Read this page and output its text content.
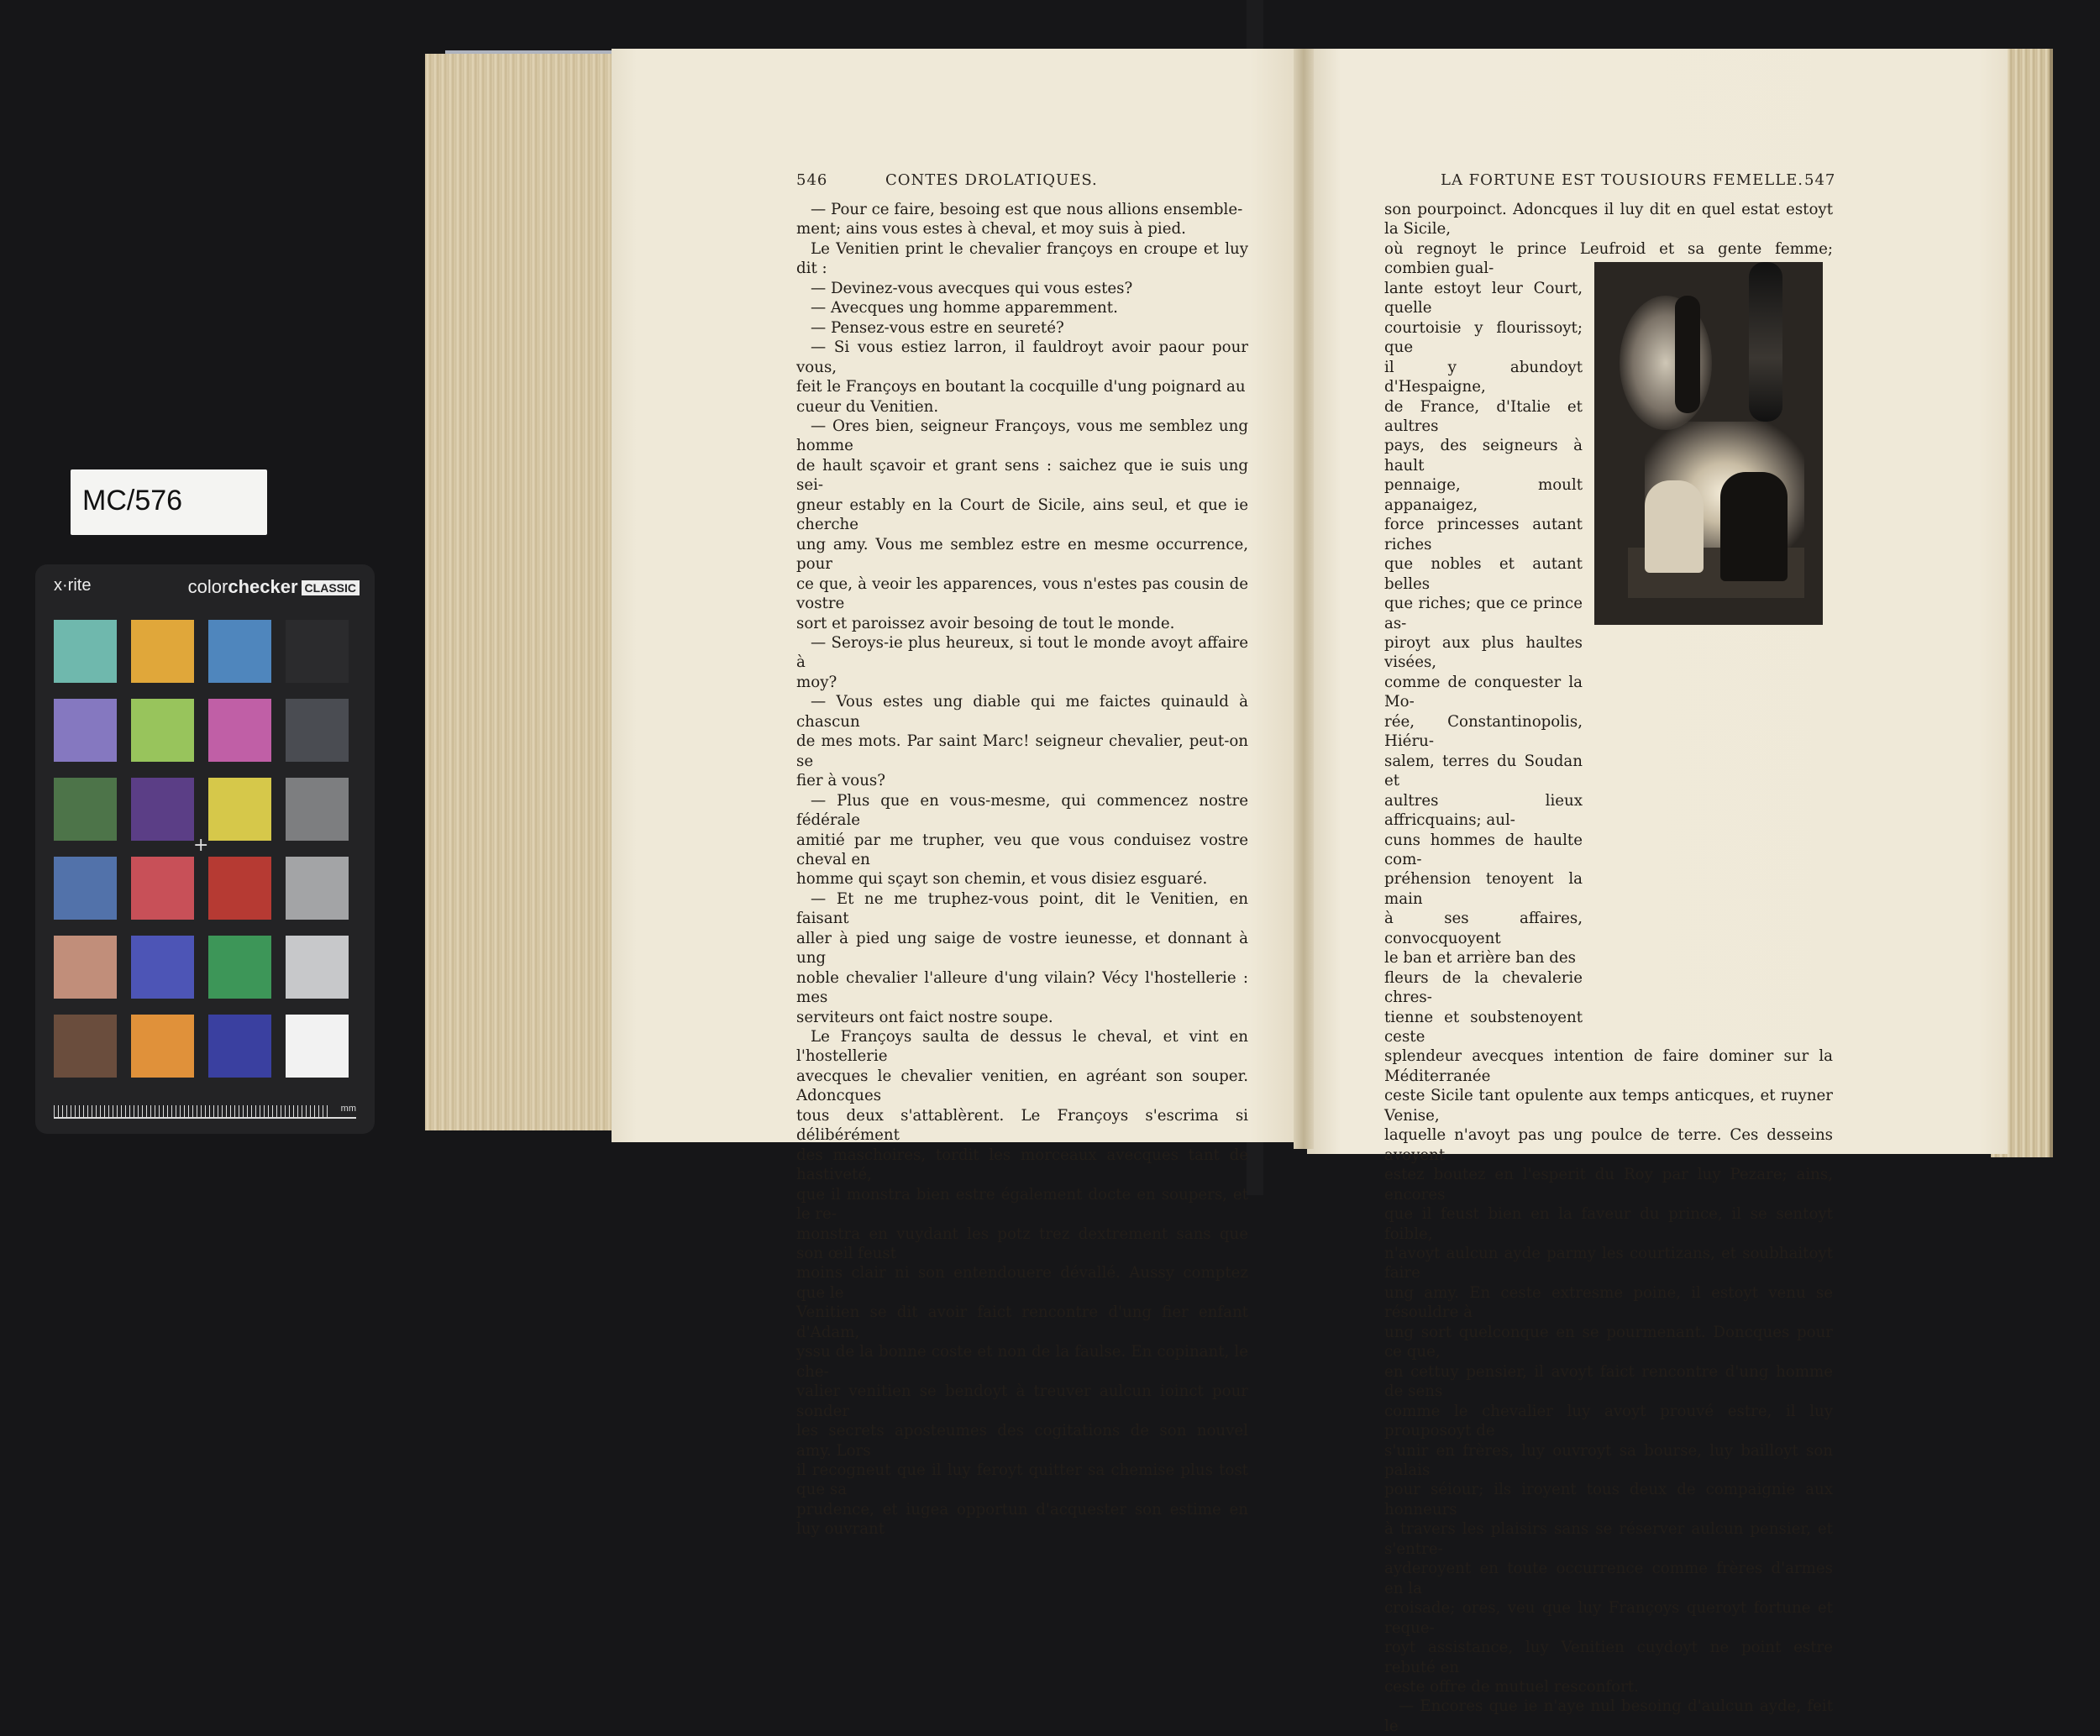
MC/576
x·rite	colorchecker CLASSIC
+
mm
546	CONTES DROLATIQUES.	LA FORTUNE EST TOUSIOURS FEMELLE. 547

— Pour ce faire, besoing est que nous allions ensemble-

ment; ains vous estes à cheval, et moy suis à pied.

Le Venitien print le chevalier françoys en croupe et luy dit :

— Devinez-vous avecques qui vous estes?

— Avecques ung homme apparemment.

— Pensez-vous estre en seureté?

— Si vous estiez larron, il fauldroyt avoir paour pour vous,

feit le Françoys en boutant la cocquille d'ung poignard au

cueur du Venitien.

— Ores bien, seigneur Françoys, vous me semblez ung homme

de hault sçavoir et grant sens : saichez que ie suis ung sei-

gneur estably en la Court de Sicile, ains seul, et que ie cherche

ung amy. Vous me semblez estre en mesme occurrence, pour

ce que, à veoir les apparences, vous n'estes pas cousin de vostre

sort et paroissez avoir besoing de tout le monde.

— Seroys-ie plus heureux, si tout le monde avoyt affaire à

moy?

— Vous estes ung diable qui me faictes quinauld à chascun

de mes mots. Par saint Marc! seigneur chevalier, peut-on se

fier à vous?

— Plus que en vous-mesme, qui commencez nostre fédérale

amitié par me trupher, veu que vous conduisez vostre cheval en

homme qui sçayt son chemin, et vous disiez esguaré.

— Et ne me truphez-vous point, dit le Venitien, en faisant

aller à pied ung saige de vostre ieunesse, et donnant à ung

noble chevalier l'alleure d'ung vilain? Vécy l'hostellerie : mes

serviteurs ont faict nostre soupe.

Le Françoys saulta de dessus le cheval, et vint en l'hostellerie

avecques le chevalier venitien, en agréant son souper. Adoncques

tous deux s'attablèrent. Le Françoys s'escrima si délibérément

des maschoires, tordit les morceaux avecques tant de hastiveté,

que il monstra bien estre également docte en soupers, et le re-

monstra en vuydant les potz trez dextrement sans que son œil feust

moins clair ni son entendouere dévallé. Aussy comptez que le

Venitien se dit avoir faict rencontre d'ung fier enfant d'Adam,

yssu de la bonne coste et non de la faulse. En copinant, le che-

valier venitien se bendoyt à treuver aulcun ioinct pour sonder

les secrets aposteumes des cogitations de son nouvel amy. Lors

il recogneut que il luy feroyt quitter sa chemise plus tost que sa

prudence, et iugea opportun d'acquester son estime en luy ouvrant

son pourpoinct. Adoncques il luy dit en quel estat estoyt la Sicile,

où regnoyt le prince Leufroid et sa gente femme; combien gual-

lante estoyt leur Court, quelle

courtoisie y flourissoyt; que

il y abundoyt d'Hespaigne,

de France, d'Italie et aultres

pays, des seigneurs à hault

pennaige, moult appanaigez,

force princesses autant riches

que nobles et autant belles

que riches; que ce prince as-

piroyt aux plus haultes visées,

comme de conquester la Mo-

rée, Constantinopolis, Hiéru-

salem, terres du Soudan et

aultres lieux affricquains; aul-

cuns hommes de haulte com-

préhension tenoyent la main

à ses affaires, convocquoyent

le ban et arrière ban des

fleurs de la chevalerie chres-

tienne et soubstenoyent ceste

splendeur avecques intention de faire dominer sur la Méditerranée

ceste Sicile tant opulente aux temps anticques, et ruyner Venise,

laquelle n'avoyt pas ung poulce de terre. Ces desseins avoyent

estez boutez en l'esperit du Roy par luy Pezare; ains, encores

que il feust bien en la faveur du prince, il se sentoyt foible,

n'avoyt aulcun ayde parmy les courtizans, et soubhaitoyt faire

ung amy. En ceste extresme poine, il estoyt venu se résouldre à

ung sort quelconque en se pourmenant. Doncques pour ce que,

en cettuy pensier, il avoyt faict rencontre d'ung homme de sens

comme le chevalier luy avoyt prouvé estre, il luy prouposoyt de

s'unir en frères, luy ouvroyt sa bourse, luy bailloyt son palais

pour séiour; ils iroyent tous deux de compaignie aux honneurs

à travers les plaisirs sans se réserver aulcun pensier, et s'entre-

ayderoyent en toute occurrence comme frères d'armes en la

croisade; ores, veu que luy Françoys queroyt fortune et reque-

royt assistance, luy Venitien cuydoyt ne point estre rebuté en

ceste offre de mutuel resconfort.

— Encores que ie n'aye nul besoing d'aulcun ayde, feit le
